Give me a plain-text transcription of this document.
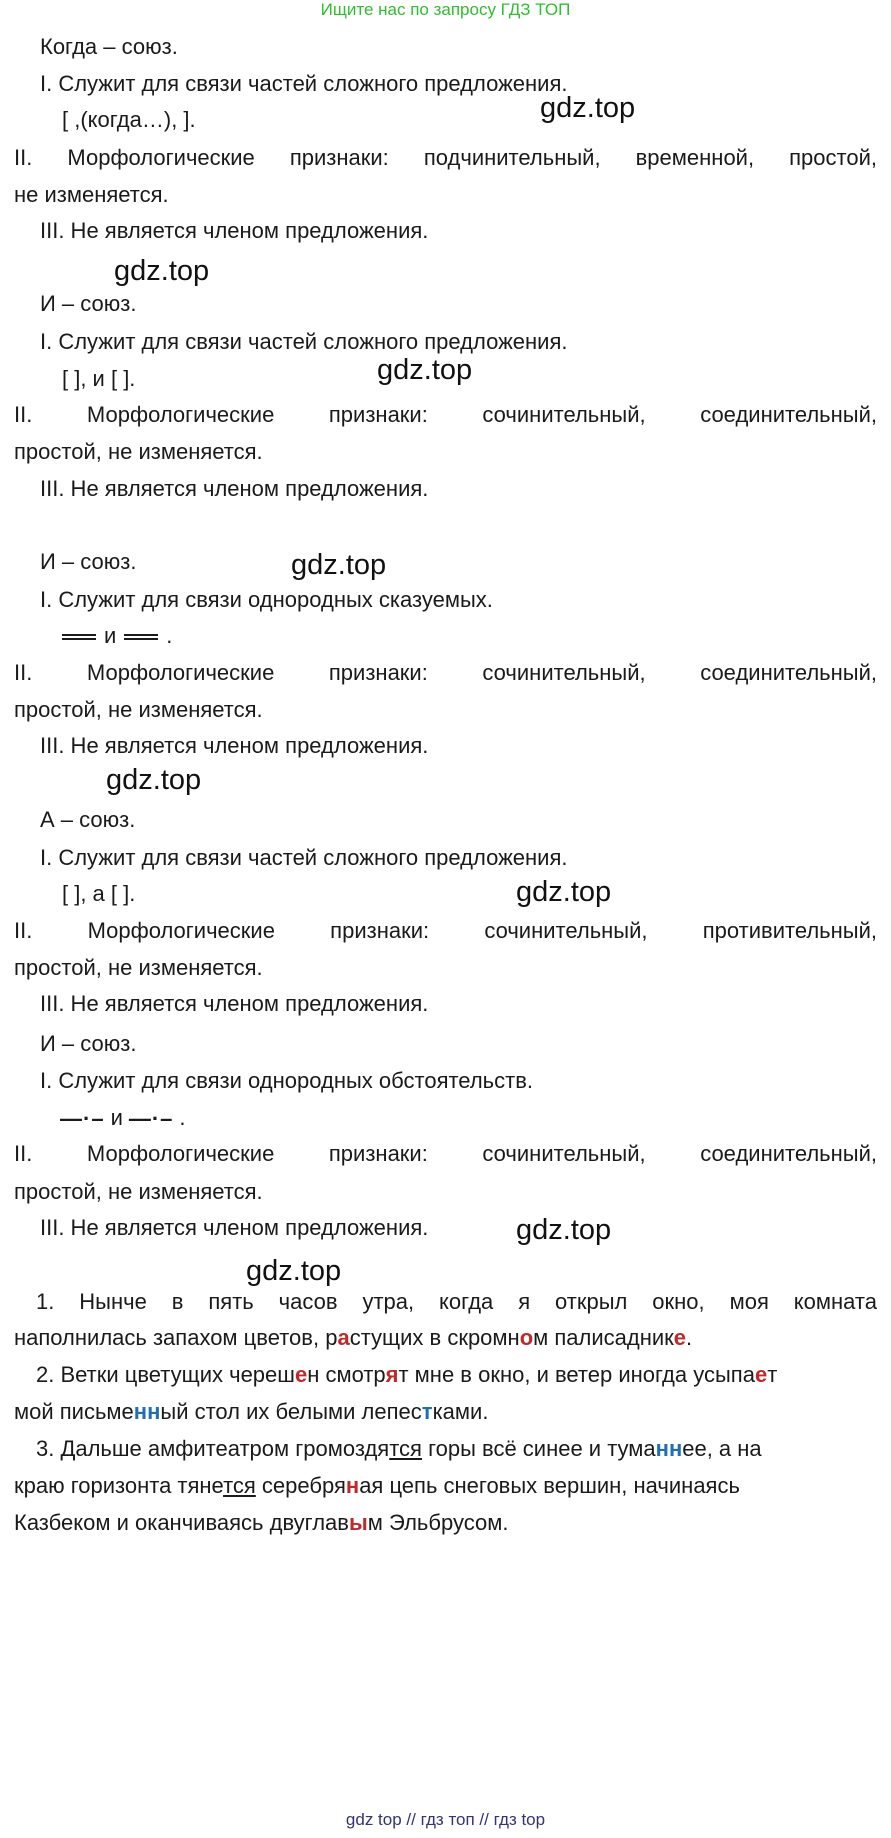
Ищите нас по запросу ГДЗ ТОП
Когда – союз.
I. Служит для связи частей сложного предложения.
[ ,(когда…), ].	gdz.top
II. Морфологические признаки: подчинительный, временной, простой,
не изменяется.
III. Не является членом предложения.
gdz.top
И – союз.
I. Служит для связи частей сложного предложения.
[ ], и [ ].	gdz.top
II. Морфологические признаки: сочинительный, соединительный,
простой, не изменяется.
III. Не является членом предложения.
И – союз.	gdz.top
I. Служит для связи однородных сказуемых.
и .
II. Морфологические признаки: сочинительный, соединительный,
простой, не изменяется.
III. Не является членом предложения.
gdz.top
А – союз.
I. Служит для связи частей сложного предложения.
[ ], а [ ].	gdz.top
II. Морфологические признаки: сочинительный, противительный,
простой, не изменяется.
III. Не является членом предложения.
И – союз.
I. Служит для связи однородных обстоятельств.
—·– и —·– .
II. Морфологические признаки: сочинительный, соединительный,
простой, не изменяется.
III. Не является членом предложения.	gdz.top
gdz.top
1. Нынче в пять часов утра, когда я открыл окно, моя комната
наполнилась запахом цветов, растущих в скромном палисаднике.
2. Ветки цветущих черешен смотрят мне в окно, и ветер иногда усыпает
мой письменный стол их белыми лепестками.
3. Дальше амфитеатром громоздятся горы всё синее и туманнее, а на
краю горизонта тянется серебряная цепь снеговых вершин, начинаясь
Казбеком и оканчиваясь двуглавым Эльбрусом.
gdz top // гдз топ // гдз top
